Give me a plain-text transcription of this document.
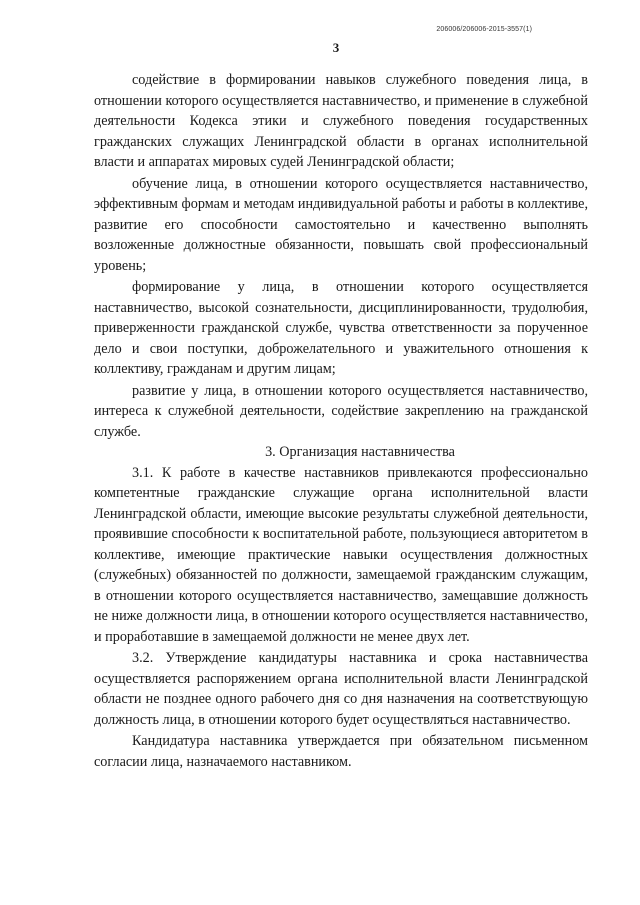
206006/206006-2015-3557(1)
3

содействие в формировании навыков служебного поведения лица, в отношении которого осуществляется наставничество, и применение в служебной деятельности Кодекса этики и служебного поведения государственных гражданских служащих Ленинградской области в органах исполнительной власти и аппаратах мировых судей Ленинградской области;

обучение лица, в отношении которого осуществляется наставничество, эффективным формам и методам индивидуальной работы и работы в коллективе, развитие его способности самостоятельно и качественно выполнять возложенные должностные обязанности, повышать свой профессиональный уровень;

формирование у лица, в отношении которого осуществляется наставничество, высокой сознательности, дисциплинированности, трудолюбия, приверженности гражданской службе, чувства ответственности за порученное дело и свои поступки, доброжелательного и уважительного отношения к коллективу, гражданам и другим лицам;

развитие у лица, в отношении которого осуществляется наставничество, интереса к служебной деятельности, содействие закреплению на гражданской службе.

3. Организация наставничества

3.1. К работе в качестве наставников привлекаются профессионально компетентные гражданские служащие органа исполнительной власти Ленинградской области, имеющие высокие результаты служебной деятельности, проявившие способности к воспитательной работе, пользующиеся авторитетом в коллективе, имеющие практические навыки осуществления должностных (служебных) обязанностей по должности, замещаемой гражданским служащим, в отношении которого осуществляется наставничество, замещавшие должность не ниже должности лица, в отношении которого осуществляется наставничество, и проработавшие в замещаемой должности не менее двух лет.

3.2. Утверждение кандидатуры наставника и срока наставничества осуществляется распоряжением органа исполнительной власти Ленинградской области не позднее одного рабочего дня со дня назначения на соответствующую должность лица, в отношении которого будет осуществляться наставничество.

Кандидатура наставника утверждается при обязательном письменном согласии лица, назначаемого наставником.
